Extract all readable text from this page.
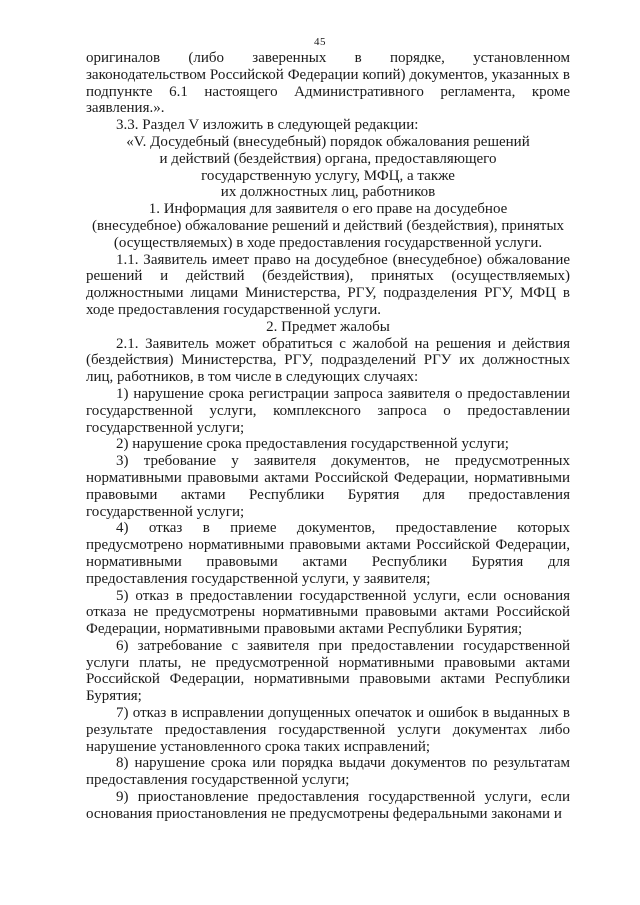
45

оригиналов (либо заверенных в порядке, установленном законодательством Российской Федерации копий) документов, указанных в подпункте 6.1 настоящего Административного регламента, кроме заявления.».

3.3. Раздел V изложить в следующей редакции:

«V. Досудебный (внесудебный) порядок обжалования решений
и действий (бездействия) органа, предоставляющего
государственную услугу, МФЦ, а также
их должностных лиц, работников

1. Информация для заявителя о его праве на досудебное
(внесудебное) обжалование решений и действий (бездействия), принятых
(осуществляемых) в ходе предоставления государственной услуги.

1.1. Заявитель имеет право на досудебное (внесудебное) обжалование решений и действий (бездействия), принятых (осуществляемых) должностными лицами Министерства, РГУ, подразделения РГУ, МФЦ в ходе предоставления государственной услуги.

2. Предмет жалобы

2.1. Заявитель может обратиться с жалобой на решения и действия (бездействия) Министерства, РГУ, подразделений РГУ их должностных лиц, работников, в том числе в следующих случаях:

1) нарушение срока регистрации запроса заявителя о предоставлении государственной услуги, комплексного запроса о предоставлении государственной услуги;

2) нарушение срока предоставления государственной услуги;

3) требование у заявителя документов, не предусмотренных нормативными правовыми актами Российской Федерации, нормативными правовыми актами Республики Бурятия для предоставления государственной услуги;

4) отказ в приеме документов, предоставление которых предусмотрено нормативными правовыми актами Российской Федерации, нормативными правовыми актами Республики Бурятия для предоставления государственной услуги, у заявителя;

5) отказ в предоставлении государственной услуги, если основания отказа не предусмотрены нормативными правовыми актами Российской Федерации, нормативными правовыми актами Республики Бурятия;

6) затребование с заявителя при предоставлении государственной услуги платы, не предусмотренной нормативными правовыми актами Российской Федерации, нормативными правовыми актами Республики Бурятия;

7) отказ в исправлении допущенных опечаток и ошибок в выданных в результате предоставления государственной услуги документах либо нарушение установленного срока таких исправлений;

8) нарушение срока или порядка выдачи документов по результатам предоставления государственной услуги;

9) приостановление предоставления государственной услуги, если основания приостановления не предусмотрены федеральными законами и
